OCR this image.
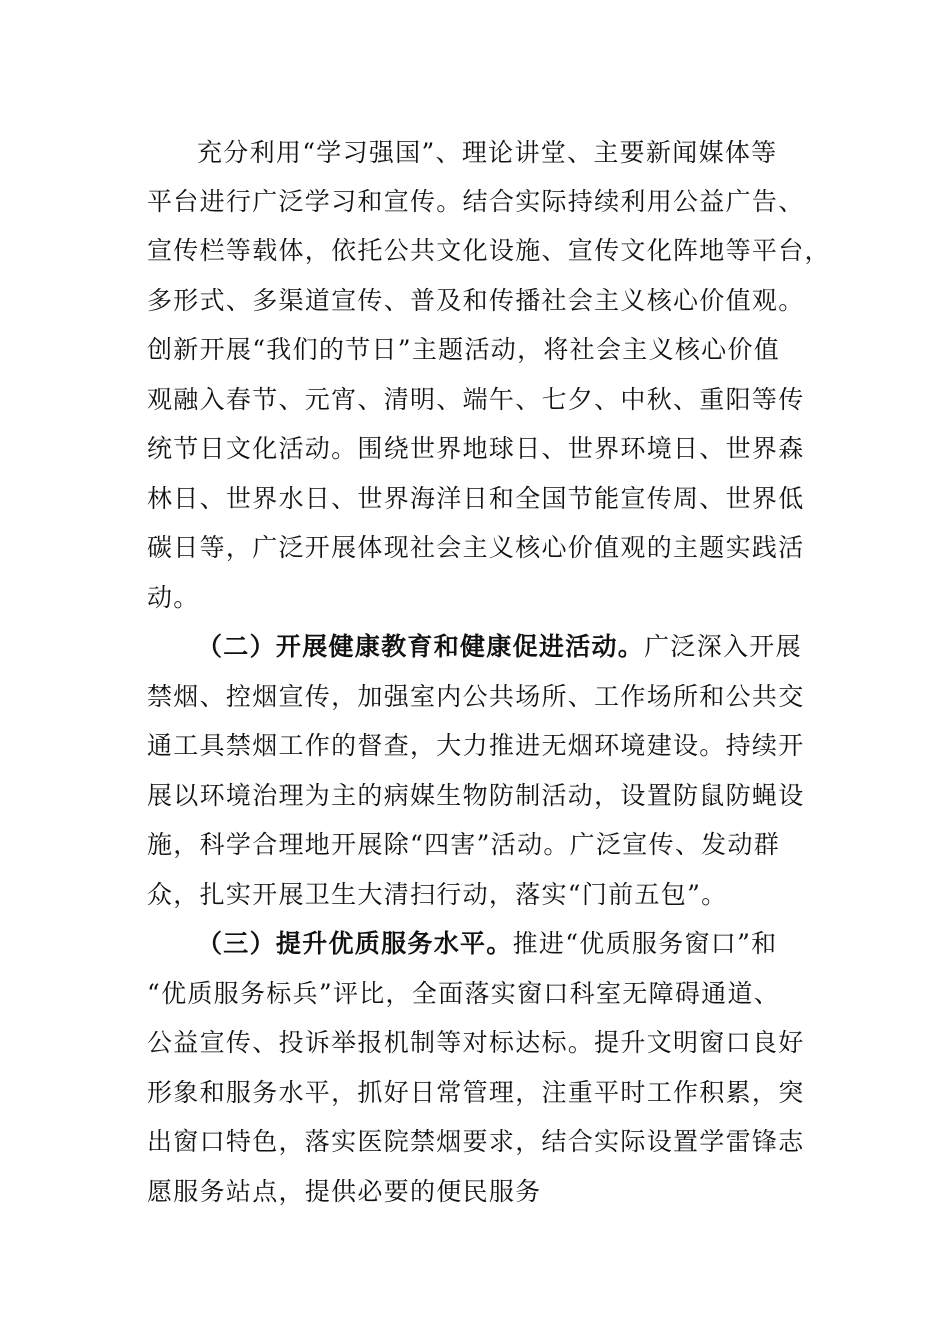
充分利用“学习强国”、理论讲堂、主要新闻媒体等
平台进行广泛学习和宣传。结合实际持续利用公益广告、
宣传栏等载体，依托公共文化设施、宣传文化阵地等平台，
多形式、多渠道宣传、普及和传播社会主义核心价值观。
创新开展“我们的节日”主题活动，将社会主义核心价值
观融入春节、元宵、清明、端午、七夕、中秋、重阳等传
统节日文化活动。围绕世界地球日、世界环境日、世界森
林日、世界水日、世界海洋日和全国节能宣传周、世界低
碳日等，广泛开展体现社会主义核心价值观的主题实践活
动。
（二）开展健康教育和健康促进活动。广泛深入开展
禁烟、控烟宣传，加强室内公共场所、工作场所和公共交
通工具禁烟工作的督查，大力推进无烟环境建设。持续开
展以环境治理为主的病媒生物防制活动，设置防鼠防蝇设
施，科学合理地开展除“四害”活动。广泛宣传、发动群
众，扎实开展卫生大清扫行动，落实“门前五包”。
（三）提升优质服务水平。推进“优质服务窗口”和
“优质服务标兵”评比，全面落实窗口科室无障碍通道、
公益宣传、投诉举报机制等对标达标。提升文明窗口良好
形象和服务水平，抓好日常管理，注重平时工作积累，突
出窗口特色，落实医院禁烟要求，结合实际设置学雷锋志
愿服务站点，提供必要的便民服务
